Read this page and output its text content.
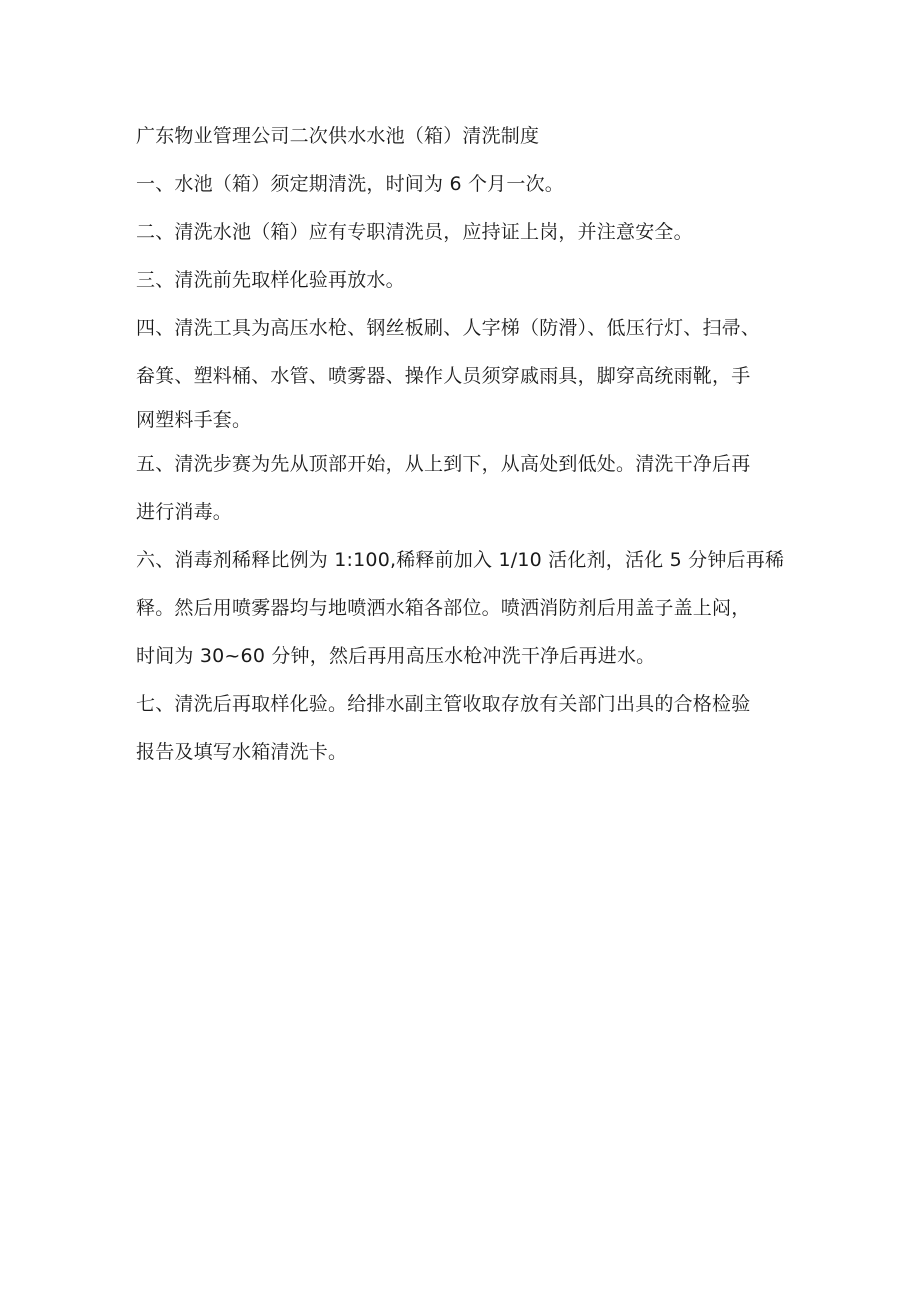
广东物业管理公司二次供水水池（箱）清洗制度
一、水池（箱）须定期清洗，时间为 6 个月一次。
二、清洗水池（箱）应有专职清洗员，应持证上岗，并注意安全。
三、清洗前先取样化验再放水。
四、清洗工具为高压水枪、钢丝板刷、人字梯（防滑）、低压行灯、扫帚、
畚箕、塑料桶、水管、喷雾器、操作人员须穿戚雨具，脚穿高统雨靴，手
网塑料手套。
五、清洗步赛为先从顶部开始，从上到下，从高处到低处。清洗干净后再
进行消毒。
六、消毒剂稀释比例为 1:100,稀释前加入 1/10 活化剂，活化 5 分钟后再稀
释。然后用喷雾器均与地喷洒水箱各部位。喷洒消防剂后用盖子盖上闷，
时间为 30~60 分钟，然后再用高压水枪冲洗干净后再进水。
七、清洗后再取样化验。给排水副主管收取存放有关部门出具的合格检验
报告及填写水箱清洗卡。
